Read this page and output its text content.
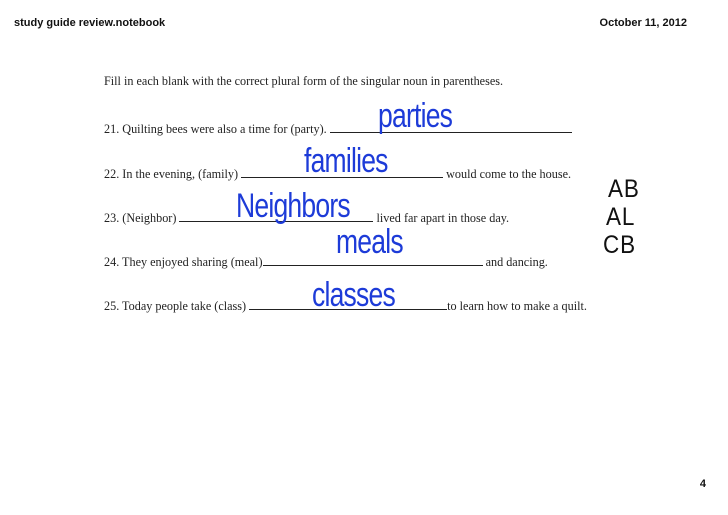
study guide review.notebook	October 11, 2012
Fill in each blank with the correct plural form of the singular noun in parentheses.
21. Quilting bees were also a time for (party).
22. In the evening, (family)	would come to the house.
23. (Neighbor)	lived far apart in those day.
24. They enjoyed sharing (meal)	and dancing.
25. Today people take (class)	to learn how to make a quilt.
parties
families
Neighbors
meals
classes
AB
AL
CB
4
